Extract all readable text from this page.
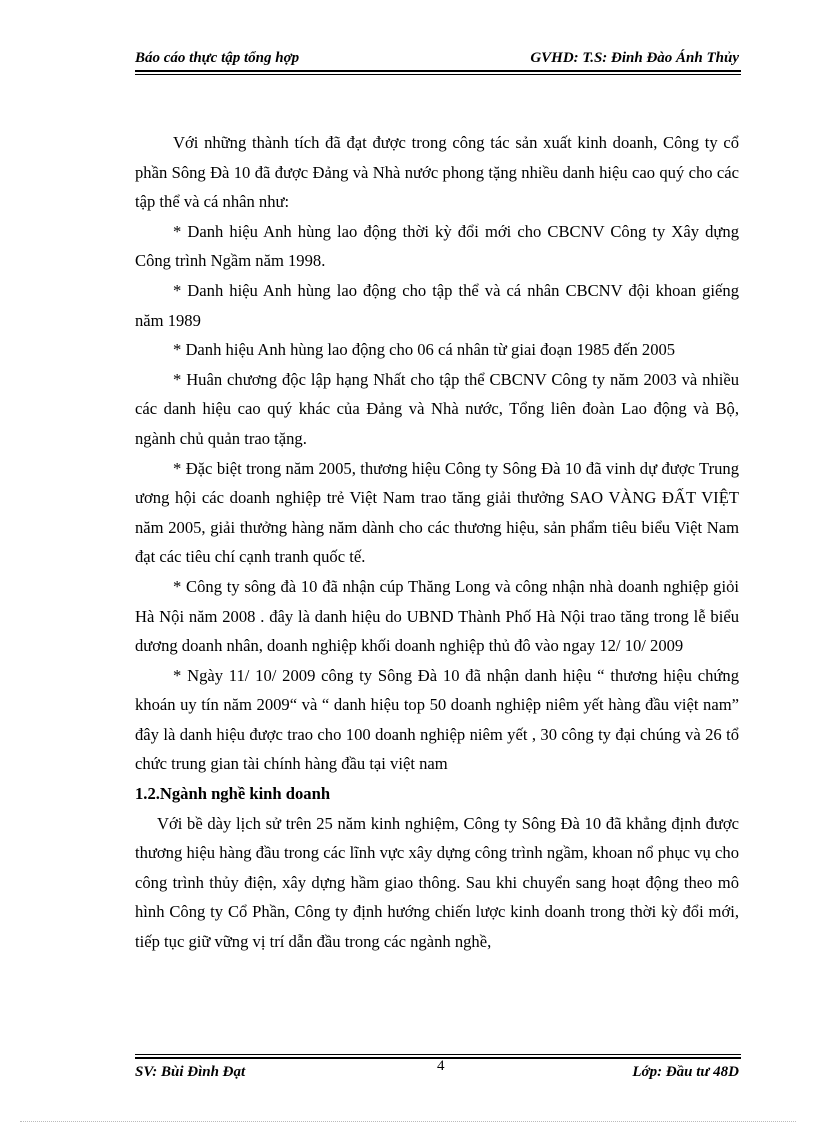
Báo cáo thực tập tổng hợp	GVHD: T.S: Đinh Đào Ánh Thủy

Với những thành tích đã đạt được trong công tác sản xuất kinh doanh, Công ty cổ phần Sông Đà 10 đã được Đảng và Nhà nước phong tặng nhiều danh hiệu cao quý cho các tập thể và cá nhân như:

* Danh hiệu Anh hùng lao động thời kỳ đổi mới cho CBCNV Công ty Xây dựng Công trình Ngầm năm 1998.

* Danh hiệu Anh hùng lao động cho tập thể và cá nhân CBCNV đội khoan giếng năm 1989

* Danh hiệu Anh hùng lao động cho 06 cá nhân từ giai đoạn 1985 đến 2005

* Huân chương độc lập hạng Nhất cho tập thể CBCNV Công ty năm 2003 và nhiều các danh hiệu cao quý khác của Đảng và Nhà nước, Tổng liên đoàn Lao động và Bộ, ngành chủ quản trao tặng.

* Đặc biệt trong năm 2005, thương hiệu Công ty Sông Đà 10 đã vinh dự được Trung ương hội các doanh nghiệp trẻ Việt Nam trao tăng giải thưởng SAO VÀNG ĐẤT VIỆT năm 2005, giải thưởng hàng năm dành cho các thương hiệu, sản phẩm tiêu biểu Việt Nam đạt các tiêu chí cạnh tranh quốc tế.

* Công ty sông đà 10 đã nhận cúp Thăng Long và công nhận nhà doanh nghiệp giỏi Hà Nội năm 2008 . đây là danh hiệu do UBND Thành Phố Hà Nội trao tăng trong lễ biểu dương doanh nhân, doanh nghiệp khối doanh nghiệp thủ đô vào ngay 12/ 10/ 2009

* Ngày 11/ 10/ 2009 công ty Sông Đà 10 đã nhận danh hiệu “ thương hiệu chứng khoán uy tín năm 2009“ và “ danh hiệu top 50 doanh nghiệp niêm yết hàng đầu việt nam” đây là danh hiệu được trao cho 100 doanh nghiệp niêm yết , 30 công ty đại chúng và 26 tổ chức trung gian tài chính hàng đầu tại việt nam

1.2.Ngành nghề kinh doanh

Với bề dày lịch sử trên 25 năm kinh nghiệm, Công ty Sông Đà 10 đã khẳng định được thương hiệu hàng đầu trong các lĩnh vực xây dựng công trình ngầm, khoan nổ phục vụ cho công trình thủy điện, xây dựng hầm giao thông. Sau khi chuyển sang hoạt động theo mô hình Công ty Cổ Phần, Công ty định hướng chiến lược kinh doanh trong thời kỳ đổi mới, tiếp tục giữ vững vị trí dẫn đầu trong các ngành nghề,

SV: Bùi Đình Đạt	4	Lớp: Đầu tư 48D
